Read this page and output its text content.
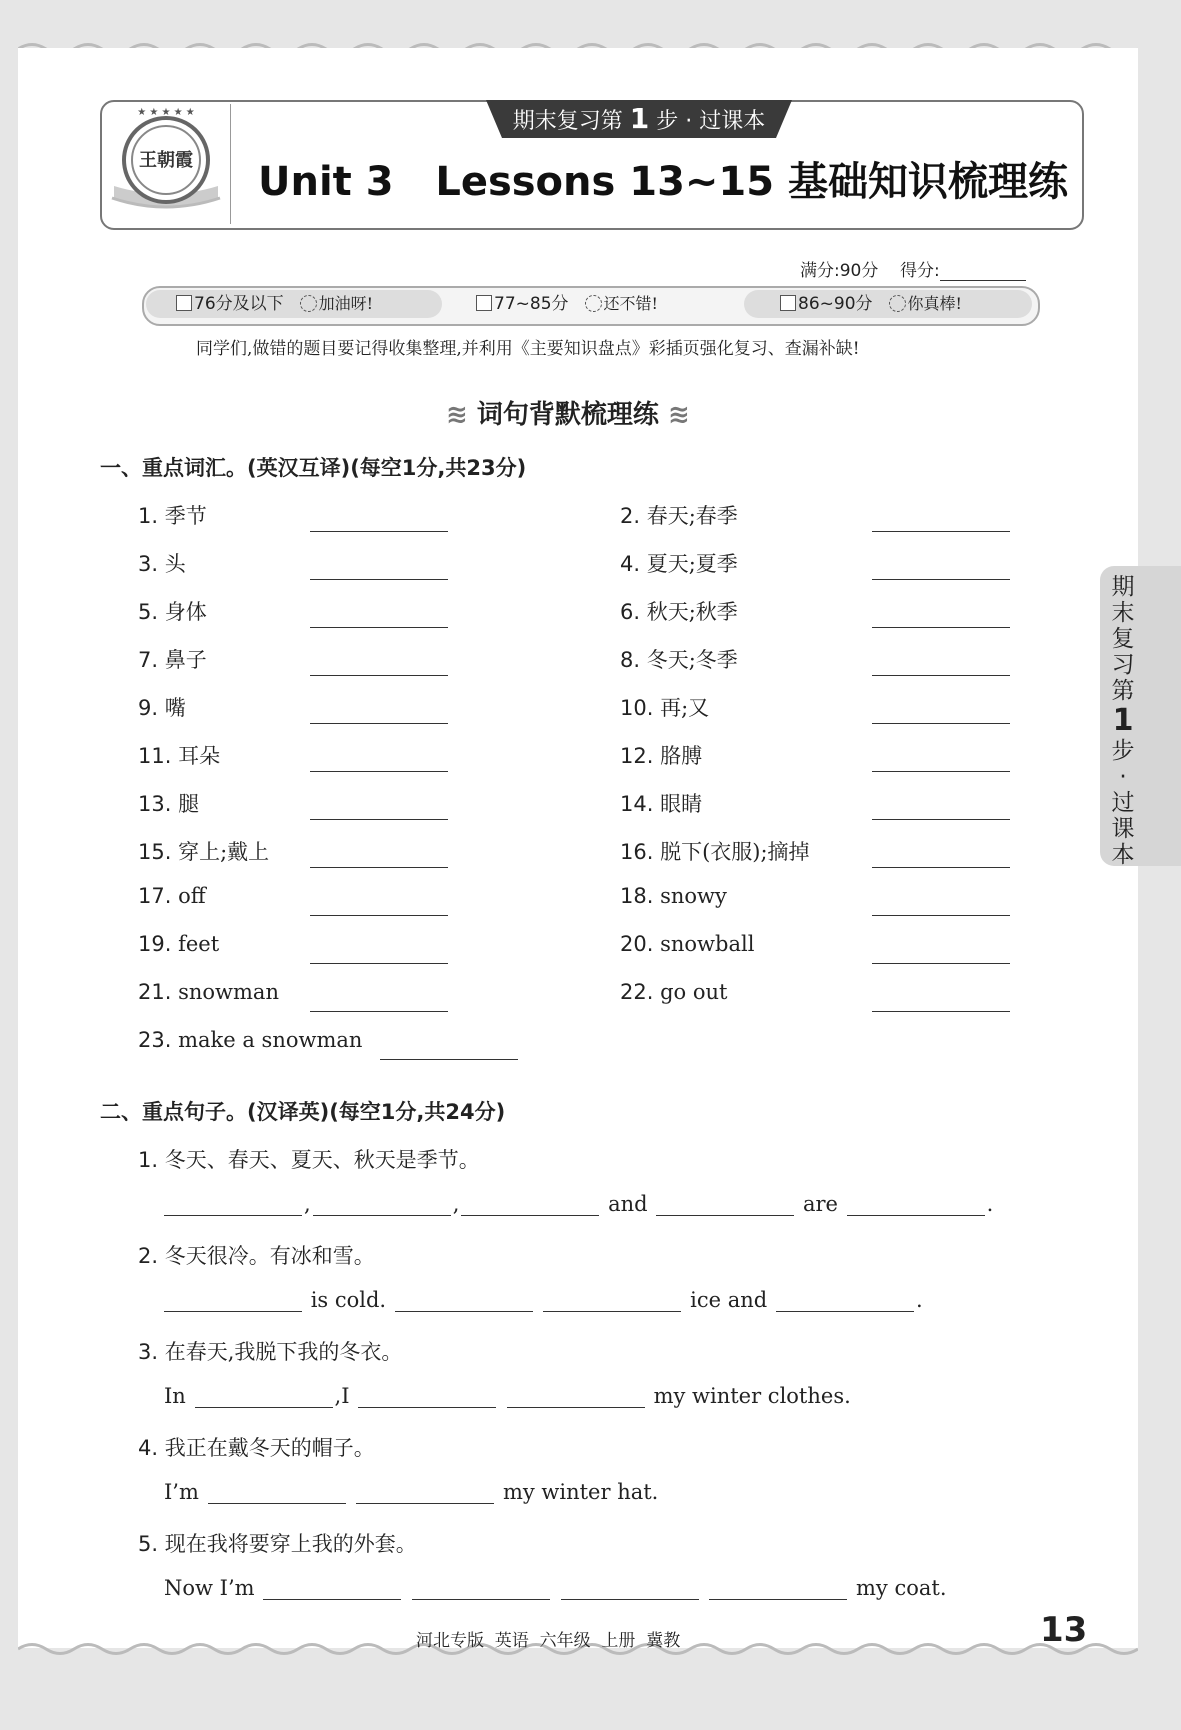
★ ★ ★ ★ ★
王朝霞
期末复习第 1 步 · 过课本
Unit 3   Lessons 13~15 基础知识梳理练
满分:90分 得分:
76分及以下 加油呀!	77~85分 还不错!	86~90分 你真棒!
同学们,做错的题目要记得收集整理,并利用《主要知识盘点》彩插页强化复习、查漏补缺!
≋ 词句背默梳理练 ≋
一、重点词汇。(英汉互译)(每空1分,共23分)
1. 季节	2. 春天;春季
3. 头	4. 夏天;夏季
5. 身体	6. 秋天;秋季
7. 鼻子	8. 冬天;冬季
9. 嘴	10. 再;又
11. 耳朵	12. 胳膊
13. 腿	14. 眼睛
15. 穿上;戴上	16. 脱下(衣服);摘掉
17. off	18. snowy
19. feet	20. snowball
21. snowman	22. go out
23. make a snowman
二、重点句子。(汉译英)(每空1分,共24分)
1. 冬天、春天、夏天、秋天是季节。
,	,	and	are	.
2. 冬天很冷。有冰和雪。
is cold.	ice and	.
3. 在春天,我脱下我的冬衣。
In	,I	my winter clothes.
4. 我正在戴冬天的帽子。
I’m	my winter hat.
5. 现在我将要穿上我的外套。
Now I’m	my coat.
期
末
复
习
第
1
步
·
过
课
本
河北专版  英语  六年级  上册  冀教	13
